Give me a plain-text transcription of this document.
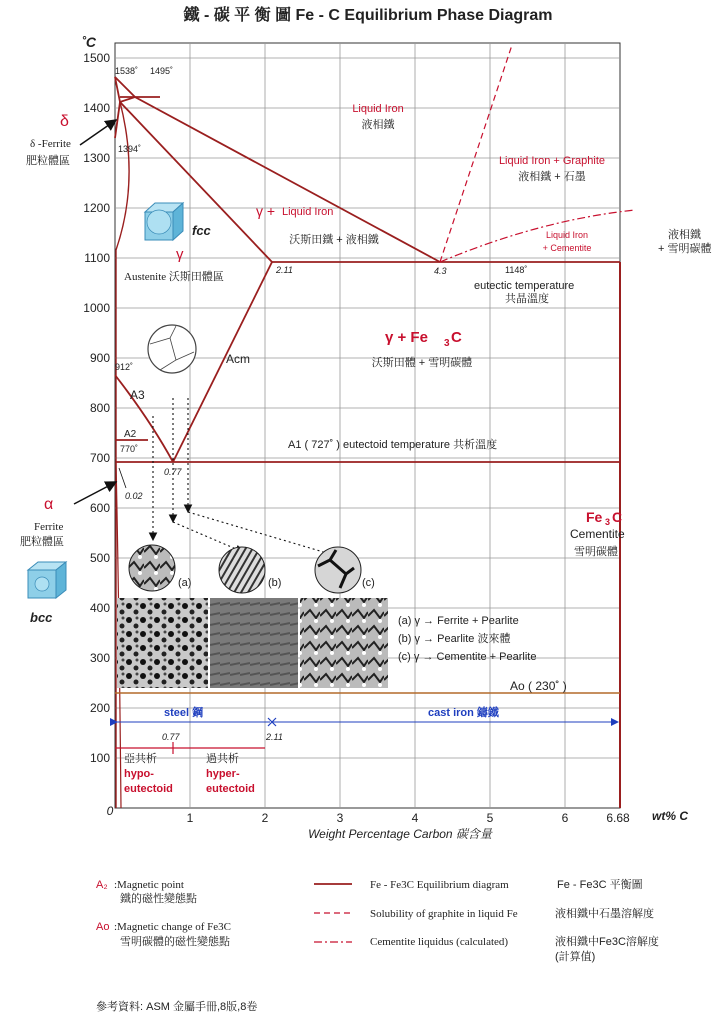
鐵 - 碳 平 衡 圖 Fe - C Equilibrium Phase Diagram
˚C
100
200
300
400
500
600
700
800
900
1000
1100
1200
1300
1400
1500
0	1	2	3	4	5	6	6.68 wt% C
Weight Percentage Carbon 碳含量
1538˚ 1495˚
1394˚
912˚
770˚
2.11	4.3
0.77
0.02
1148˚
Liquid Iron
液相鐵
Liquid Iron + Graphite
液相鐵 + 石墨
Liquid Iron
+ Cementite
液相鐵
+ 雪明碳體
γ + Liquid Iron
沃斯田鐵 + 液相鐵
δ
δ -Ferrite
肥粒體區
fcc
γ
Austenite 沃斯田體區
eutectic temperature
共晶溫度
γ + Fe 3 C
沃斯田體 + 雪明碳體
Acm
A3
A2
A1 ( 727˚ ) eutectoid temperature 共析溫度
α
Ferrite
肥粒體區
bcc
Fe 3 C
Cementite
雪明碳體
Ao ( 230˚ )
(a)	(b)	(c)
(a) γ → Ferrite + Pearlite
(b) γ → Pearlite 波來體
(c) γ → Cementite + Pearlite
steel 鋼	cast iron 鑄鐵
0.77	2.11
亞共析
hypo-
eutectoid
過共析
hyper-
eutectoid
A₂ :Magnetic point
鐵的磁性變態點
Ao :Magnetic change of Fe3C
雪明碳體的磁性變態點
Fe - Fe3C Equilibrium diagram	Fe - Fe3C 平衡圖
Solubility of graphite in liquid Fe	液相鐵中石墨溶解度
Cementite liquidus (calculated)	液相鐵中Fe3C溶解度
(計算值)
參考資料: ASM 金屬手冊,8版,8卷
